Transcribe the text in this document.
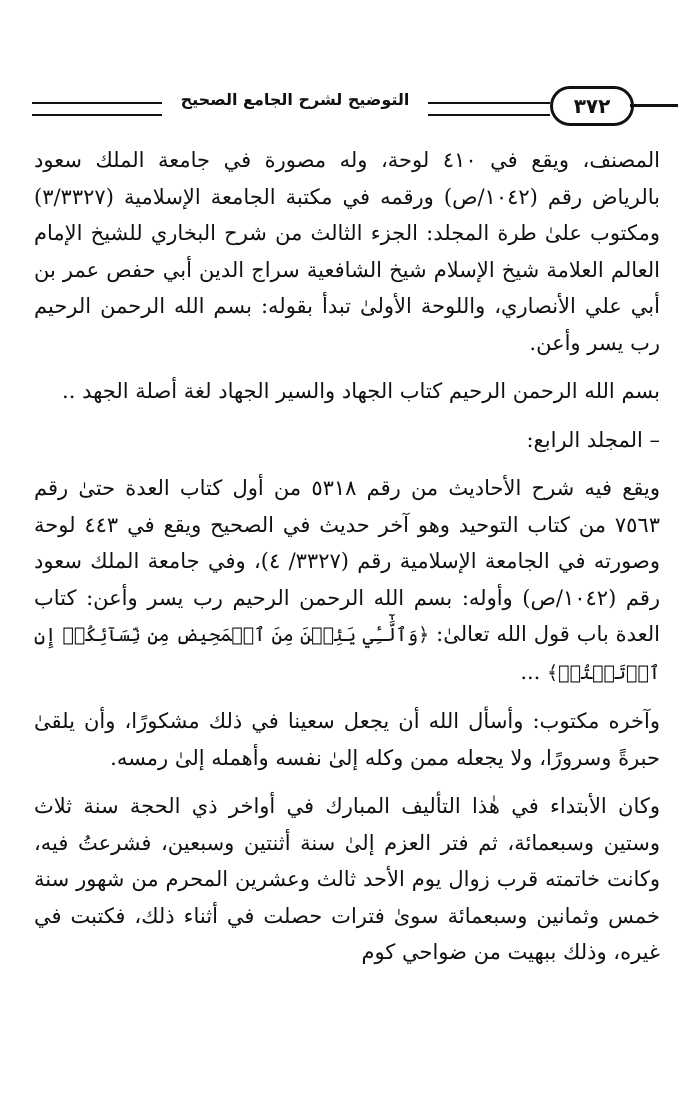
التوضيح لشرح الجامع الصحيح	٣٧٢

المصنف، ويقع في ٤١٠ لوحة، وله مصورة في جامعة الملك سعود بالرياض رقم (١٠٤٢/ص) ورقمه في مكتبة الجامعة الإسلامية (٣/٣٣٢٧) ومكتوب علىٰ طرة المجلد: الجزء الثالث من شرح البخاري للشيخ الإمام العالم العلامة شيخ الإسلام شيخ الشافعية سراج الدين أبي حفص عمر بن أبي علي الأنصاري، واللوحة الأولىٰ تبدأ بقوله: بسم الله الرحمن الرحيم رب يسر وأعن.

بسم الله الرحمن الرحيم كتاب الجهاد والسير الجهاد لغة أصلة الجهد ..

– المجلد الرابع:

ويقع فيه شرح الأحاديث من رقم ٥٣١٨ من أول كتاب العدة حتىٰ رقم ٧٥٦٣ من كتاب التوحيد وهو آخر حديث في الصحيح ويقع في ٤٤٣ لوحة وصورته في الجامعة الإسلامية رقم (٣٣٢٧/ ٤)، وفي جامعة الملك سعود رقم (١٠٤٢/ص) وأوله: بسم الله الرحمن الرحيم رب يسر وأعن: كتاب العدة باب قول الله تعالىٰ: ﴿وَٱلَّٰٓـِٔي يَئِسۡنَ مِنَ ٱلۡمَحِيضِ مِن نِّسَآئِكُمۡ إِنِ ٱرۡتَبۡتُمۡ﴾ ...

وآخره مكتوب: وأسأل الله أن يجعل سعينا في ذلك مشكورًا، وأن يلقىٰ حبرةً وسرورًا، ولا يجعله ممن وكله إلىٰ نفسه وأهمله إلىٰ رمسه.

وكان الأبتداء في هٰذا التأليف المبارك في أواخر ذي الحجة سنة ثلاث وستين وسبعمائة، ثم فتر العزم إلىٰ سنة أثنتين وسبعين، فشرعتُ فيه، وكانت خاتمته قرب زوال يوم الأحد ثالث وعشرين المحرم من شهور سنة خمس وثمانين وسبعمائة سوىٰ فترات حصلت في أثناء ذلك، فكتبت في غيره، وذلك ببهيت من ضواحي كوم
